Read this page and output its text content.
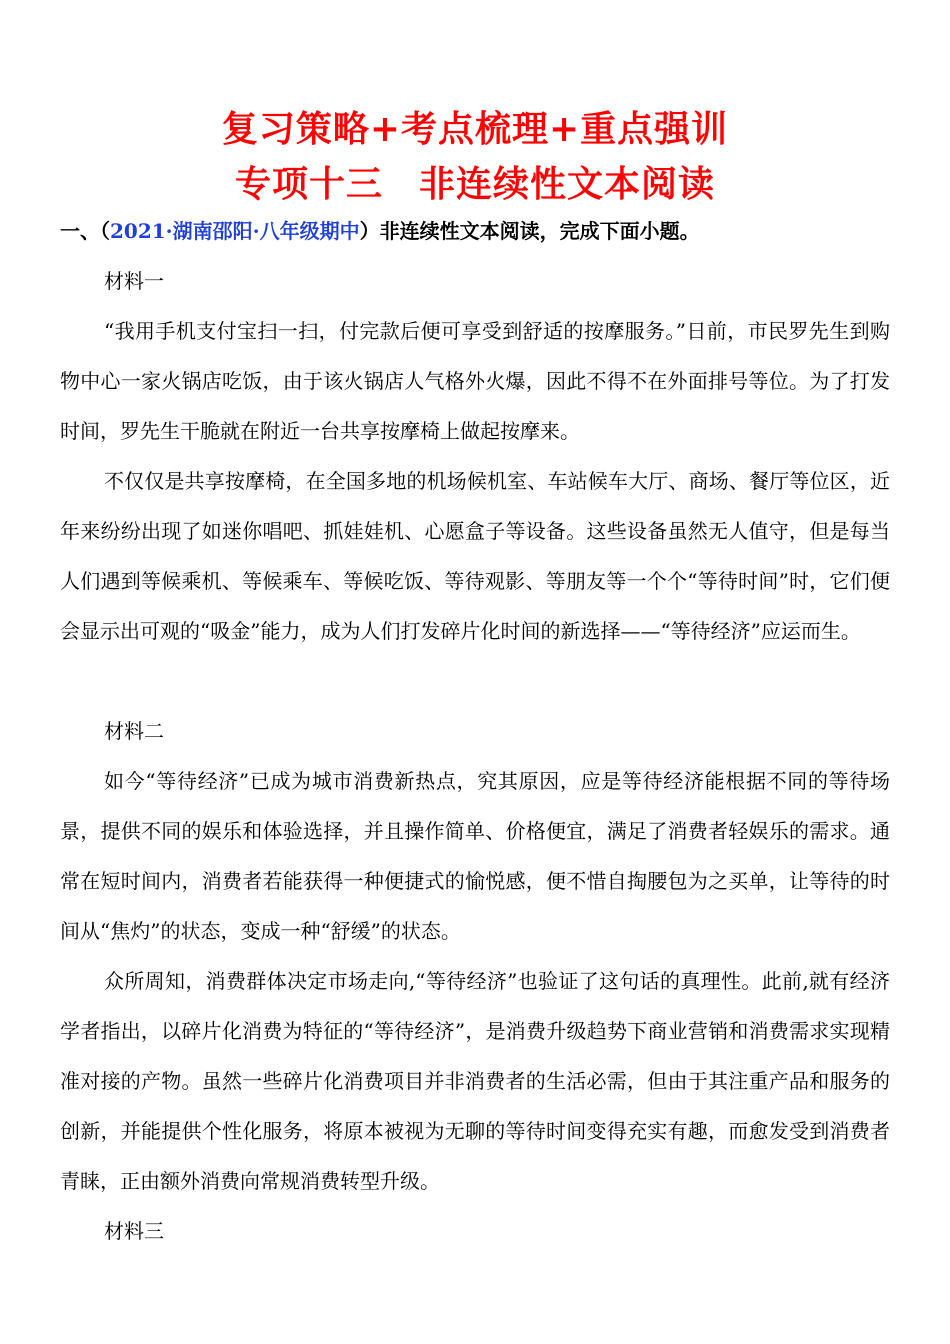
复习策略+考点梳理+重点强训
专项十三 非连续性文本阅读

一、（2021·湖南邵阳·八年级期中）非连续性文本阅读，完成下面小题。

材料一

“我用手机支付宝扫一扫，付完款后便可享受到舒适的按摩服务。”日前，市民罗先生到购物中心一家火锅店吃饭，由于该火锅店人气格外火爆，因此不得不在外面排号等位。为了打发时间，罗先生干脆就在附近一台共享按摩椅上做起按摩来。

不仅仅是共享按摩椅，在全国多地的机场候机室、车站候车大厅、商场、餐厅等位区，近年来纷纷出现了如迷你唱吧、抓娃娃机、心愿盒子等设备。这些设备虽然无人值守，但是每当人们遇到等候乘机、等候乘车、等候吃饭、等待观影、等朋友等一个个“等待时间”时，它们便会显示出可观的“吸金”能力，成为人们打发碎片化时间的新选择——“等待经济”应运而生。

材料二

如今“等待经济”已成为城市消费新热点，究其原因，应是等待经济能根据不同的等待场景，提供不同的娱乐和体验选择，并且操作简单、价格便宜，满足了消费者轻娱乐的需求。通常在短时间内，消费者若能获得一种便捷式的愉悦感，便不惜自掏腰包为之买单，让等待的时间从“焦灼”的状态，变成一种“舒缓”的状态。

众所周知，消费群体决定市场走向,“等待经济”也验证了这句话的真理性。此前,就有经济学者指出，以碎片化消费为特征的“等待经济”，是消费升级趋势下商业营销和消费需求实现精准对接的产物。虽然一些碎片化消费项目并非消费者的生活必需，但由于其注重产品和服务的创新，并能提供个性化服务，将原本被视为无聊的等待时间变得充实有趣，而愈发受到消费者青睐，正由额外消费向常规消费转型升级。

材料三
